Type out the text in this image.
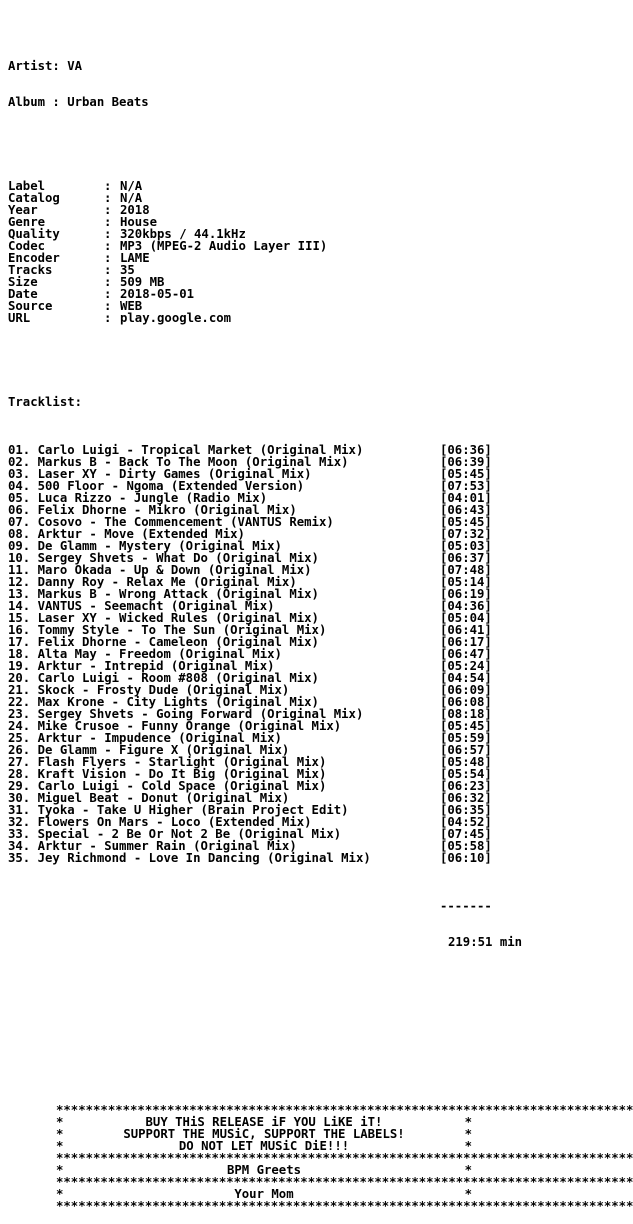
Artist: VA

Album : Urban Beats

Label	: N/A
Catalog	: N/A
Year	: 2018
Genre	: House
Quality	: 320kbps / 44.1kHz
Codec	: MP3 (MPEG-2 Audio Layer III)
Encoder	: LAME
Tracks	: 35
Size	: 509 MB
Date	: 2018-05-01
Source	: WEB
URL	: play.google.com

Tracklist:

01. Carlo Luigi - Tropical Market (Original Mix)	[06:36]
02. Markus B - Back To The Moon (Original Mix)	[06:39]
03. Laser XY - Dirty Games (Original Mix)	[05:45]
04. 500 Floor - Ngoma (Extended Version)	[07:53]
05. Luca Rizzo - Jungle (Radio Mix)	[04:01]
06. Felix Dhorne - Mikro (Original Mix)	[06:43]
07. Cosovo - The Commencement (VANTUS Remix)	[05:45]
08. Arktur - Move (Extended Mix)	[07:32]
09. De Glamm - Mystery (Original Mix)	[05:03]
10. Sergey Shvets - What Do (Original Mix)	[06:37]
11. Maro Okada - Up & Down (Original Mix)	[07:48]
12. Danny Roy - Relax Me (Original Mix)	[05:14]
13. Markus B - Wrong Attack (Original Mix)	[06:19]
14. VANTUS - Seemacht (Original Mix)	[04:36]
15. Laser XY - Wicked Rules (Original Mix)	[05:04]
16. Tommy Style - To The Sun (Original Mix)	[06:41]
17. Felix Dhorne - Cameleon (Original Mix)	[06:17]
18. Alta May - Freedom (Original Mix)	[06:47]
19. Arktur - Intrepid (Original Mix)	[05:24]
20. Carlo Luigi - Room #808 (Original Mix)	[04:54]
21. Skock - Frosty Dude (Original Mix)	[06:09]
22. Max Krone - City Lights (Original Mix)	[06:08]
23. Sergey Shvets - Going Forward (Original Mix)	[08:18]
24. Mike Crusoe - Funny Orange (Original Mix)	[05:45]
25. Arktur - Impudence (Original Mix)	[05:59]
26. De Glamm - Figure X (Original Mix)	[06:57]
27. Flash Flyers - Starlight (Original Mix)	[05:48]
28. Kraft Vision - Do It Big (Original Mix)	[05:54]
29. Carlo Luigi - Cold Space (Original Mix)	[06:23]
30. Miguel Beat - Donut (Original Mix)	[06:32]
31. Tyoka - Take U Higher (Brain Project Edit)	[06:35]
32. Flowers On Mars - Loco (Extended Mix)	[04:52]
33. Special - 2 Be Or Not 2 Be (Original Mix)	[07:45]
34. Arktur - Summer Rain (Original Mix)	[05:58]
35. Jey Richmond - Love In Dancing (Original Mix)	[06:10]

-------

219:51 min

******************************************************************************
*	BUY THiS RELEASE iF YOU LiKE iT!	*
*	SUPPORT THE MUSiC, SUPPORT THE LABELS!	*
*	DO NOT LET MUSiC DiE!!!	*
******************************************************************************
*	BPM Greets	*
******************************************************************************
*	Your Mom	*
******************************************************************************
